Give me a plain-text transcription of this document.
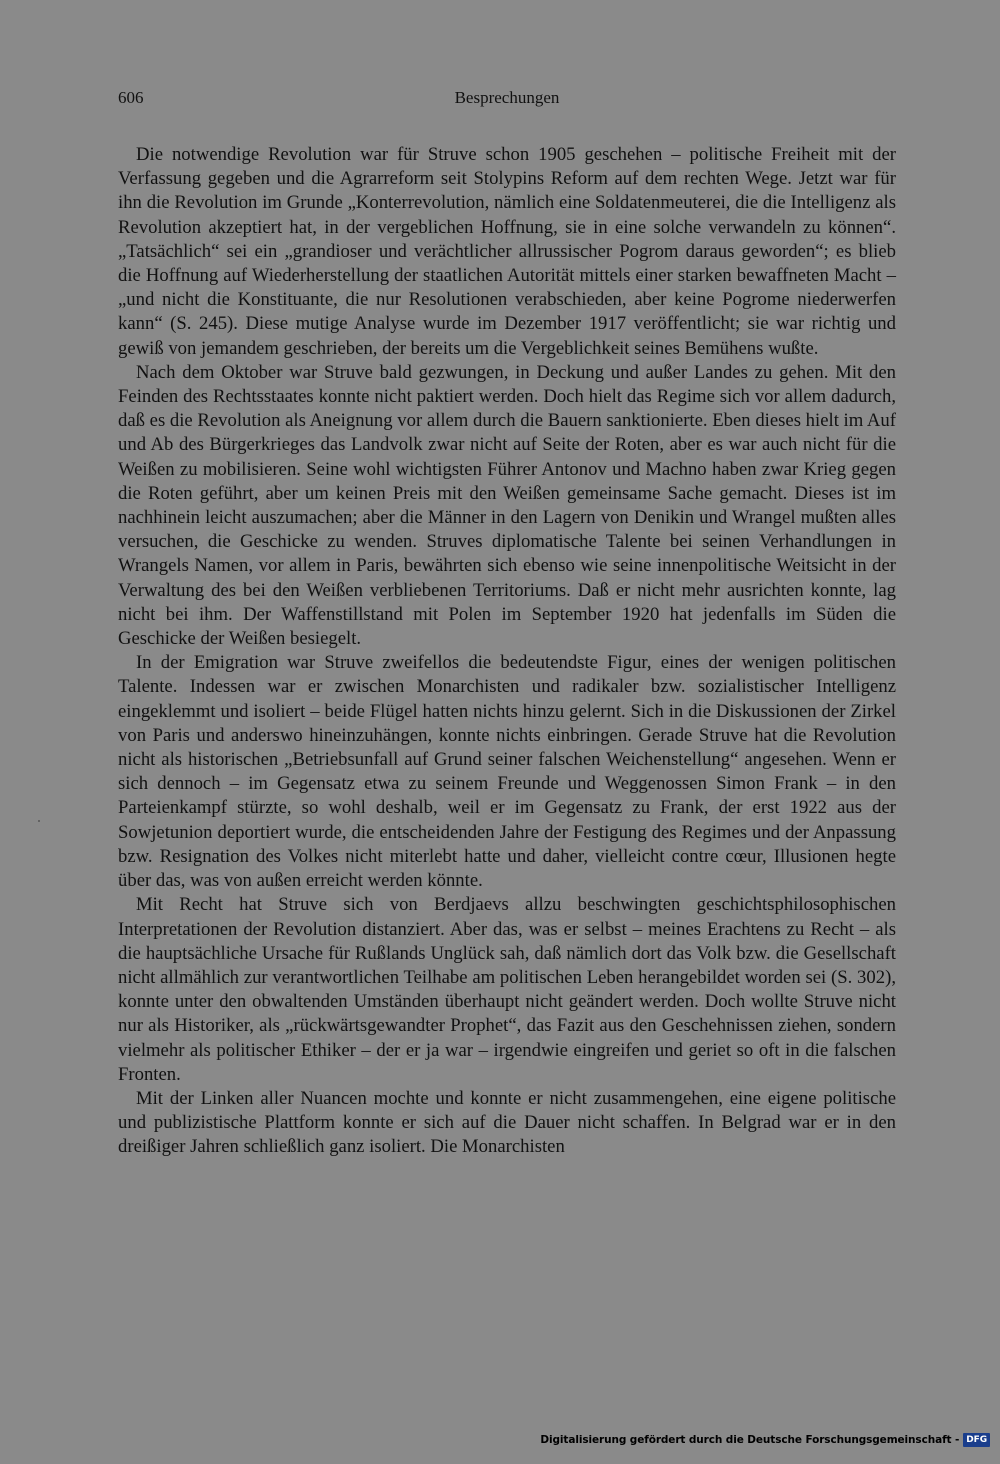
606	Besprechungen

Die notwendige Revolution war für Struve schon 1905 geschehen – politische Freiheit mit der Verfassung gegeben und die Agrarreform seit Stolypins Reform auf dem rechten Wege. Jetzt war für ihn die Revolution im Grunde „Konterrevolution, nämlich eine Soldatenmeuterei, die die Intelligenz als Revolution akzeptiert hat, in der vergeblichen Hoffnung, sie in eine solche verwandeln zu können“. „Tatsächlich“ sei ein „grandioser und verächtlicher allrussischer Pogrom daraus geworden“; es blieb die Hoffnung auf Wiederherstellung der staatlichen Autorität mittels einer starken bewaffneten Macht – „und nicht die Konstituante, die nur Resolutionen verabschieden, aber keine Pogrome niederwerfen kann“ (S. 245). Diese mutige Analyse wurde im Dezember 1917 veröffentlicht; sie war richtig und gewiß von jemandem geschrieben, der bereits um die Vergeblichkeit seines Bemühens wußte.

Nach dem Oktober war Struve bald gezwungen, in Deckung und außer Landes zu gehen. Mit den Feinden des Rechtsstaates konnte nicht paktiert werden. Doch hielt das Regime sich vor allem dadurch, daß es die Revolution als Aneignung vor allem durch die Bauern sanktionierte. Eben dieses hielt im Auf und Ab des Bürgerkrieges das Landvolk zwar nicht auf Seite der Roten, aber es war auch nicht für die Weißen zu mobilisieren. Seine wohl wichtigsten Führer Antonov und Machno haben zwar Krieg gegen die Roten geführt, aber um keinen Preis mit den Weißen gemeinsame Sache gemacht. Dieses ist im nachhinein leicht auszumachen; aber die Männer in den Lagern von Denikin und Wrangel mußten alles versuchen, die Geschicke zu wenden. Struves diplomatische Talente bei seinen Verhandlungen in Wrangels Namen, vor allem in Paris, bewährten sich ebenso wie seine innenpolitische Weitsicht in der Verwaltung des bei den Weißen verbliebenen Territoriums. Daß er nicht mehr ausrichten konnte, lag nicht bei ihm. Der Waffenstillstand mit Polen im September 1920 hat jedenfalls im Süden die Geschicke der Weißen besiegelt.

In der Emigration war Struve zweifellos die bedeutendste Figur, eines der wenigen politischen Talente. Indessen war er zwischen Monarchisten und radikaler bzw. sozialistischer Intelligenz eingeklemmt und isoliert – beide Flügel hatten nichts hinzu gelernt. Sich in die Diskussionen der Zirkel von Paris und anderswo hineinzuhängen, konnte nichts einbringen. Gerade Struve hat die Revolution nicht als historischen „Betriebsunfall auf Grund seiner falschen Weichenstellung“ angesehen. Wenn er sich dennoch – im Gegensatz etwa zu seinem Freunde und Weggenossen Simon Frank – in den Parteienkampf stürzte, so wohl deshalb, weil er im Gegensatz zu Frank, der erst 1922 aus der Sowjetunion deportiert wurde, die entscheidenden Jahre der Festigung des Regimes und der Anpassung bzw. Resignation des Volkes nicht miterlebt hatte und daher, vielleicht contre cœur, Illusionen hegte über das, was von außen erreicht werden könnte.

Mit Recht hat Struve sich von Berdjaevs allzu beschwingten geschichtsphilosophischen Interpretationen der Revolution distanziert. Aber das, was er selbst – meines Erachtens zu Recht – als die hauptsächliche Ursache für Rußlands Unglück sah, daß nämlich dort das Volk bzw. die Gesellschaft nicht allmählich zur verantwortlichen Teilhabe am politischen Leben herangebildet worden sei (S. 302), konnte unter den obwaltenden Umständen überhaupt nicht geändert werden. Doch wollte Struve nicht nur als Historiker, als „rückwärtsgewandter Prophet“, das Fazit aus den Geschehnissen ziehen, sondern vielmehr als politischer Ethiker – der er ja war – irgendwie eingreifen und geriet so oft in die falschen Fronten.

Mit der Linken aller Nuancen mochte und konnte er nicht zusammengehen, eine eigene politische und publizistische Plattform konnte er sich auf die Dauer nicht schaffen. In Belgrad war er in den dreißiger Jahren schließlich ganz isoliert. Die Monarchisten

Digitalisierung gefördert durch die Deutsche Forschungsgemeinschaft - DFG
